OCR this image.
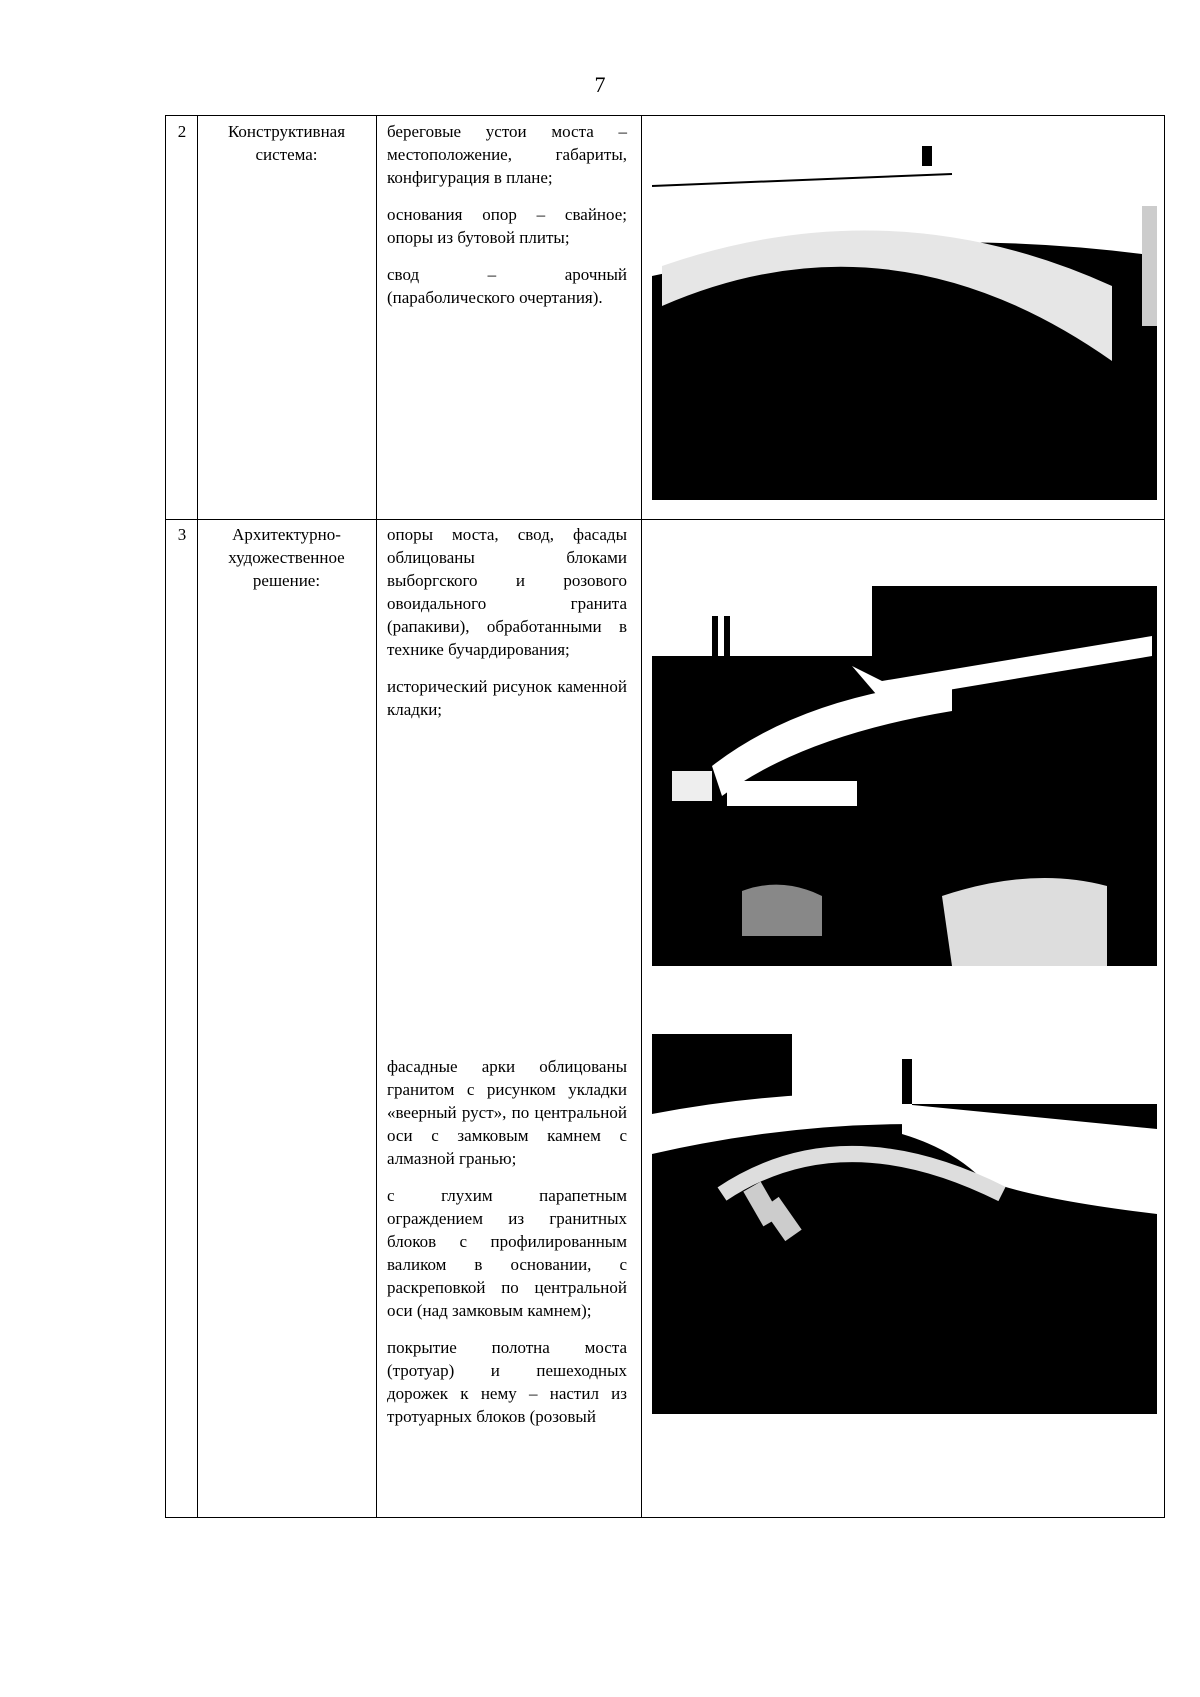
7
2	Конструктивная система:

береговые устои моста – местоположение, габариты, конфигурация в плане;

основания опор – свайное; опоры из бутовой плиты;

свод – арочный (параболического очертания).

3	Архитектурно-художественное решение:

опоры моста, свод, фасады облицованы блоками выборгского и розового овоидального гранита (рапакиви), обработанными в технике бучардирования;

исторический рисунок каменной кладки;

фасадные арки облицованы гранитом с рисунком укладки «веерный руст», по центральной оси с замковым камнем с алмазной гранью;

с глухим парапетным ограждением из гранитных блоков с профилированным валиком в основании, с раскреповкой по центральной оси (над замковым камнем);

покрытие полотна моста (тротуар) и пешеходных дорожек к нему – настил из тротуарных блоков (розовый
